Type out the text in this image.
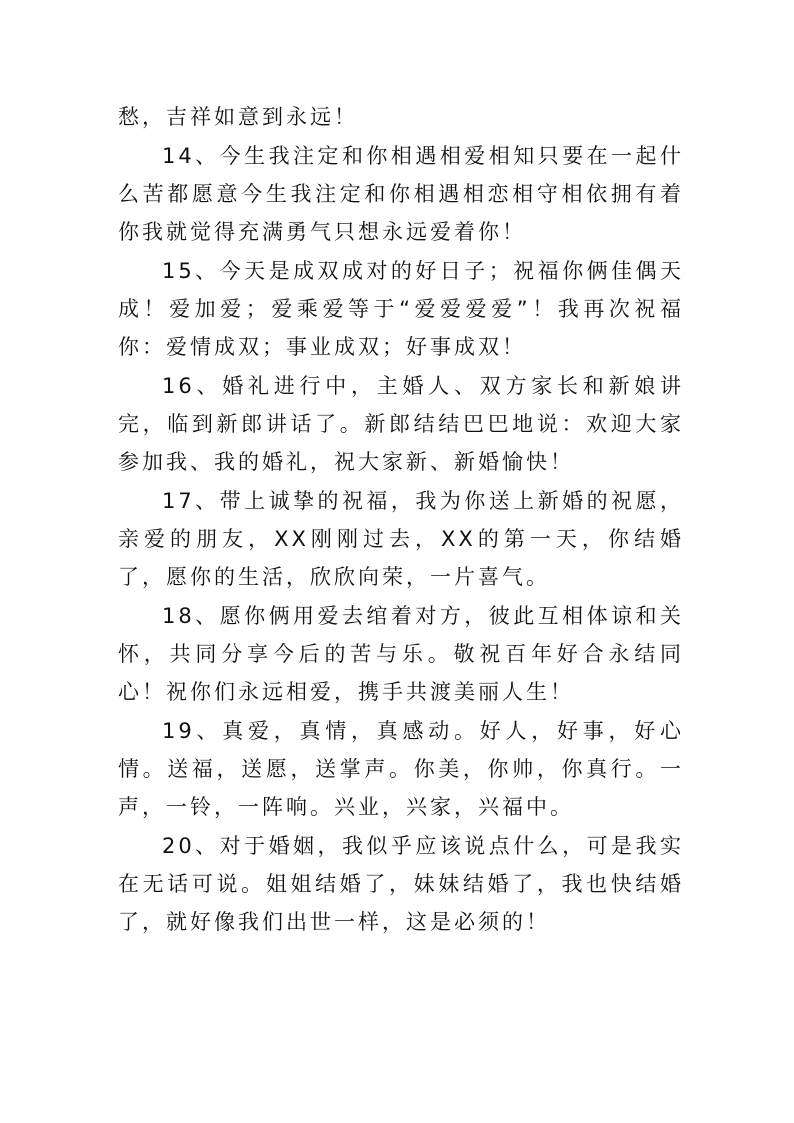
愁，吉祥如意到永远！

14、今生我注定和你相遇相爱相知只要在一起什么苦都愿意今生我注定和你相遇相恋相守相依拥有着你我就觉得充满勇气只想永远爱着你！

15、今天是成双成对的好日子；祝福你俩佳偶天成！爱加爱；爱乘爱等于“爱爱爱爱”！我再次祝福你：爱情成双；事业成双；好事成双！

16、婚礼进行中，主婚人、双方家长和新娘讲完，临到新郎讲话了。新郎结结巴巴地说：欢迎大家参加我、我的婚礼，祝大家新、新婚愉快！

17、带上诚挚的祝福，我为你送上新婚的祝愿，亲爱的朋友，XX刚刚过去，XX的第一天，你结婚了，愿你的生活，欣欣向荣，一片喜气。

18、愿你俩用爱去绾着对方，彼此互相体谅和关怀，共同分享今后的苦与乐。敬祝百年好合永结同心！祝你们永远相爱，携手共渡美丽人生！

19、真爱，真情，真感动。好人，好事，好心情。送福，送愿，送掌声。你美，你帅，你真行。一声，一铃，一阵响。兴业，兴家，兴福中。

20、对于婚姻，我似乎应该说点什么，可是我实在无话可说。姐姐结婚了，妹妹结婚了，我也快结婚了，就好像我们出世一样，这是必须的！
